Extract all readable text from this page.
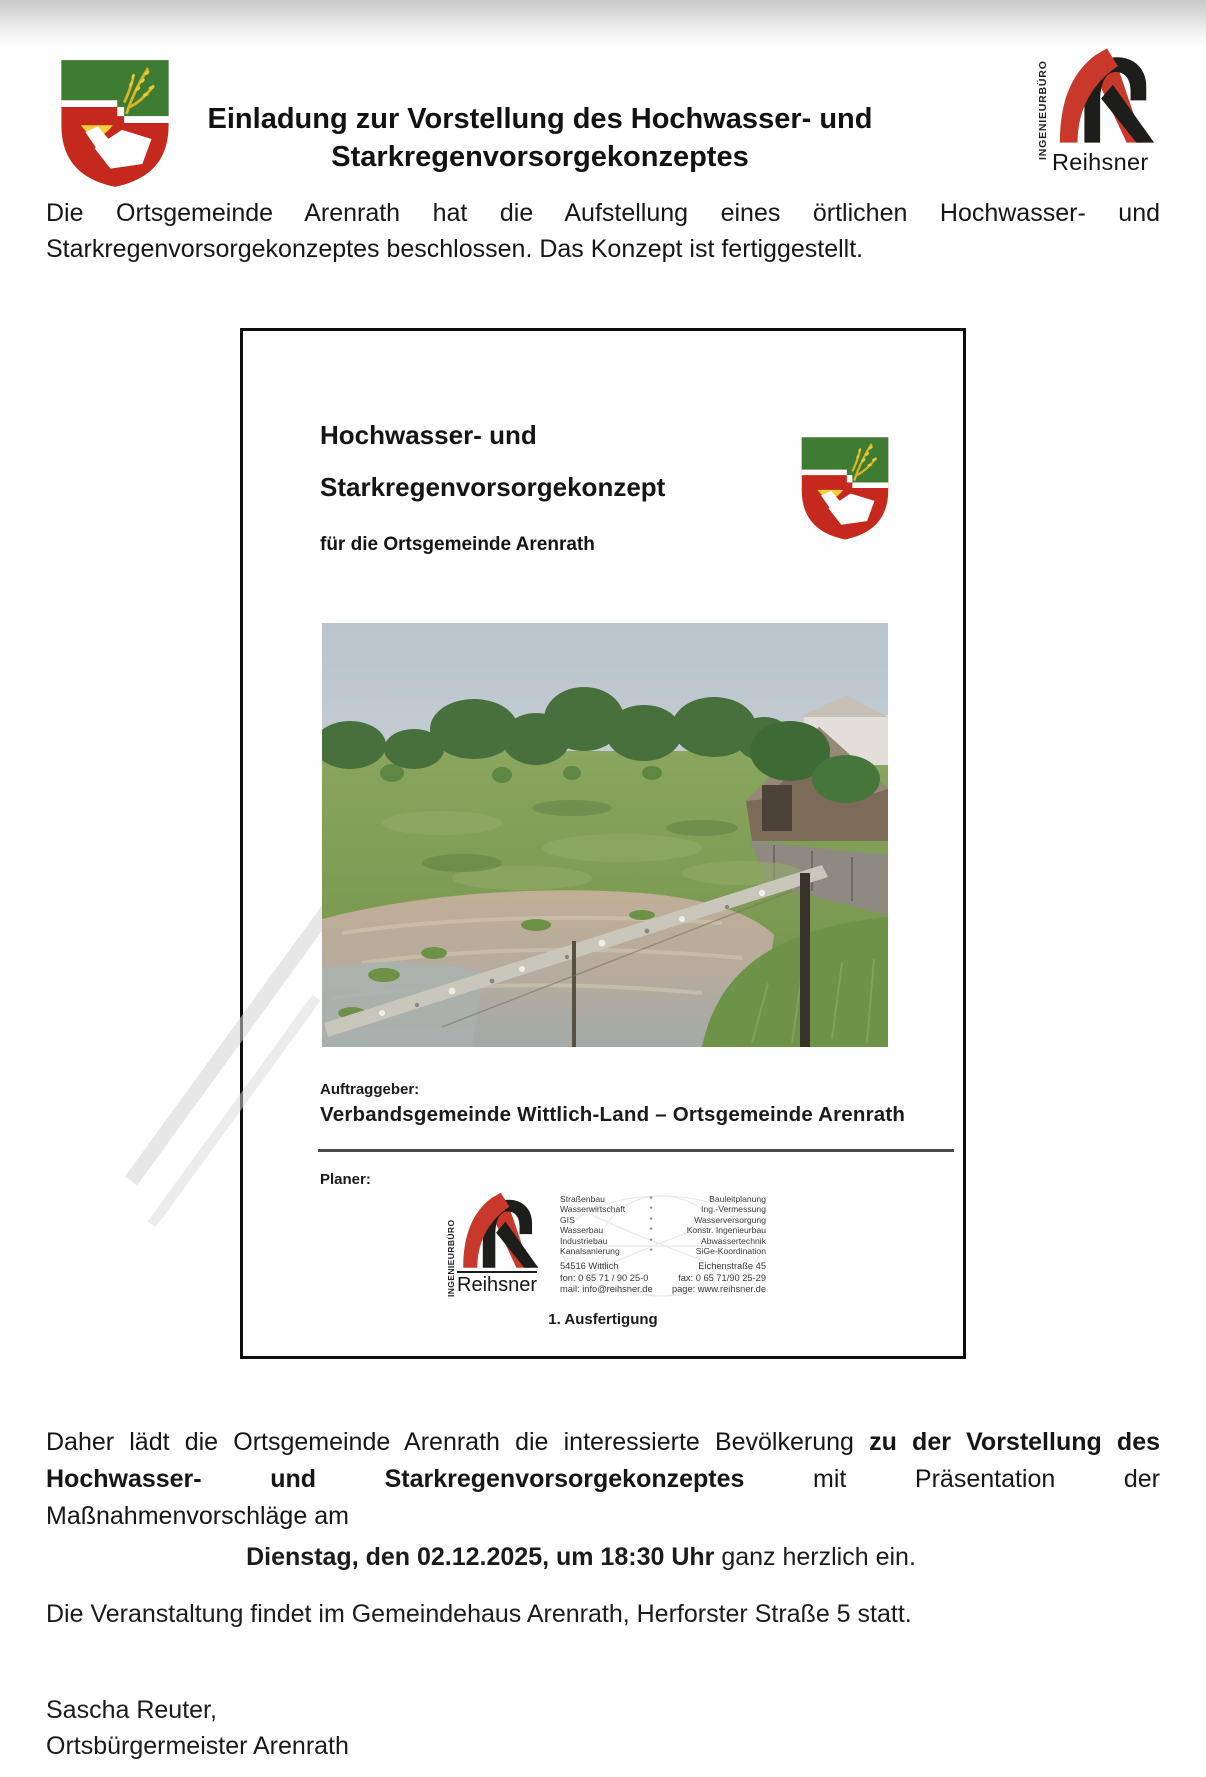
Einladung zur Vorstellung des Hochwasser- und
Starkregenvorsorgekonzeptes	INGENIEURBÜRO
Reihsner
Die Ortsgemeinde Arenrath hat die Aufstellung eines örtlichen Hochwasser- und
Starkregenvorsorgekonzeptes beschlossen. Das Konzept ist fertiggestellt.
Hochwasser- und
Starkregenvorsorgekonzept
für die Ortsgemeinde Arenrath
Auftraggeber:
Verbandsgemeinde Wittlich-Land – Ortsgemeinde Arenrath
Planer:
INGENIEURBÜRO Reihsner
Straßenbau	*	Bauleitplanung
Wasserwirtschaft	*	Ing.-Vermessung
GIS	*	Wasserversorgung
Wasserbau	*	Konstr. Ingenieurbau
Industriebau	*	Abwassertechnik
Kanalsanierung	*	SiGe-Koordination
54516 Wittlich	Eichenstraße 45
fon: 0 65 71 / 90 25-0	fax: 0 65 71/90 25-29
mail: info@reihsner.de	page: www.reihsner.de
1. Ausfertigung
Daher lädt die Ortsgemeinde Arenrath die interessierte Bevölkerung zu der Vorstellung des
Hochwasser- und Starkregenvorsorgekonzeptes	mit Präsentation der
Maßnahmenvorschläge am
Dienstag, den 02.12.2025, um 18:30 Uhr ganz herzlich ein.
Die Veranstaltung findet im Gemeindehaus Arenrath, Herforster Straße 5 statt.
Sascha Reuter,
Ortsbürgermeister Arenrath
